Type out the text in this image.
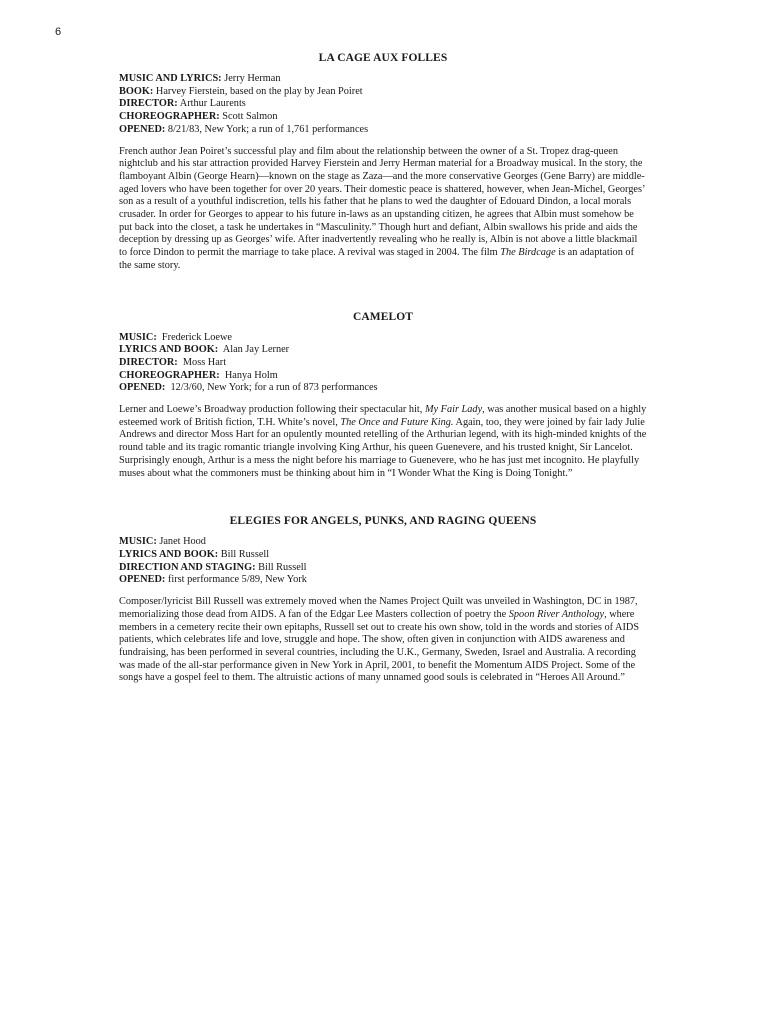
6
LA CAGE AUX FOLLES
MUSIC AND LYRICS: Jerry Herman
BOOK: Harvey Fierstein, based on the play by Jean Poiret
DIRECTOR: Arthur Laurents
CHOREOGRAPHER: Scott Salmon
OPENED: 8/21/83, New York; a run of 1,761 performances

French author Jean Poiret’s successful play and film about the relationship between the owner of a St. Tropez drag-queen nightclub and his star attraction provided Harvey Fierstein and Jerry Herman material for a Broadway musical. In the story, the flamboyant Albin (George Hearn)—known on the stage as Zaza—and the more conservative Georges (Gene Barry) are middle-aged lovers who have been together for over 20 years. Their domestic peace is shattered, however, when Jean-Michel, Georges’ son as a result of a youthful indiscretion, tells his father that he plans to wed the daughter of Edouard Dindon, a local morals crusader. In order for Georges to appear to his future in-laws as an upstanding citizen, he agrees that Albin must somehow be put back into the closet, a task he undertakes in “Masculinity.” Though hurt and defiant, Albin swallows his pride and aids the deception by dressing up as Georges’ wife. After inadvertently revealing who he really is, Albin is not above a little blackmail to force Dindon to permit the marriage to take place. A revival was staged in 2004. The film The Birdcage is an adaptation of the same story.

CAMELOT
MUSIC: Frederick Loewe
LYRICS AND BOOK: Alan Jay Lerner
DIRECTOR: Moss Hart
CHOREOGRAPHER: Hanya Holm
OPENED: 12/3/60, New York; for a run of 873 performances

Lerner and Loewe’s Broadway production following their spectacular hit, My Fair Lady, was another musical based on a highly esteemed work of British fiction, T.H. White’s novel, The Once and Future King. Again, too, they were joined by fair lady Julie Andrews and director Moss Hart for an opulently mounted retelling of the Arthurian legend, with its high-minded knights of the round table and its tragic romantic triangle involving King Arthur, his queen Guenevere, and his trusted knight, Sir Lancelot. Surprisingly enough, Arthur is a mess the night before his marriage to Guenevere, who he has just met incognito. He playfully muses about what the commoners must be thinking about him in “I Wonder What the King is Doing Tonight.”

ELEGIES FOR ANGELS, PUNKS, AND RAGING QUEENS
MUSIC: Janet Hood
LYRICS AND BOOK: Bill Russell
DIRECTION AND STAGING: Bill Russell
OPENED: first performance 5/89, New York

Composer/lyricist Bill Russell was extremely moved when the Names Project Quilt was unveiled in Washington, DC in 1987, memorializing those dead from AIDS. A fan of the Edgar Lee Masters collection of poetry the Spoon River Anthology, where members in a cemetery recite their own epitaphs, Russell set out to create his own show, told in the words and stories of AIDS patients, which celebrates life and love, struggle and hope. The show, often given in conjunction with AIDS awareness and fundraising, has been performed in several countries, including the U.K., Germany, Sweden, Israel and Australia. A recording was made of the all-star performance given in New York in April, 2001, to benefit the Momentum AIDS Project. Some of the songs have a gospel feel to them. The altruistic actions of many unnamed good souls is celebrated in “Heroes All Around.”
